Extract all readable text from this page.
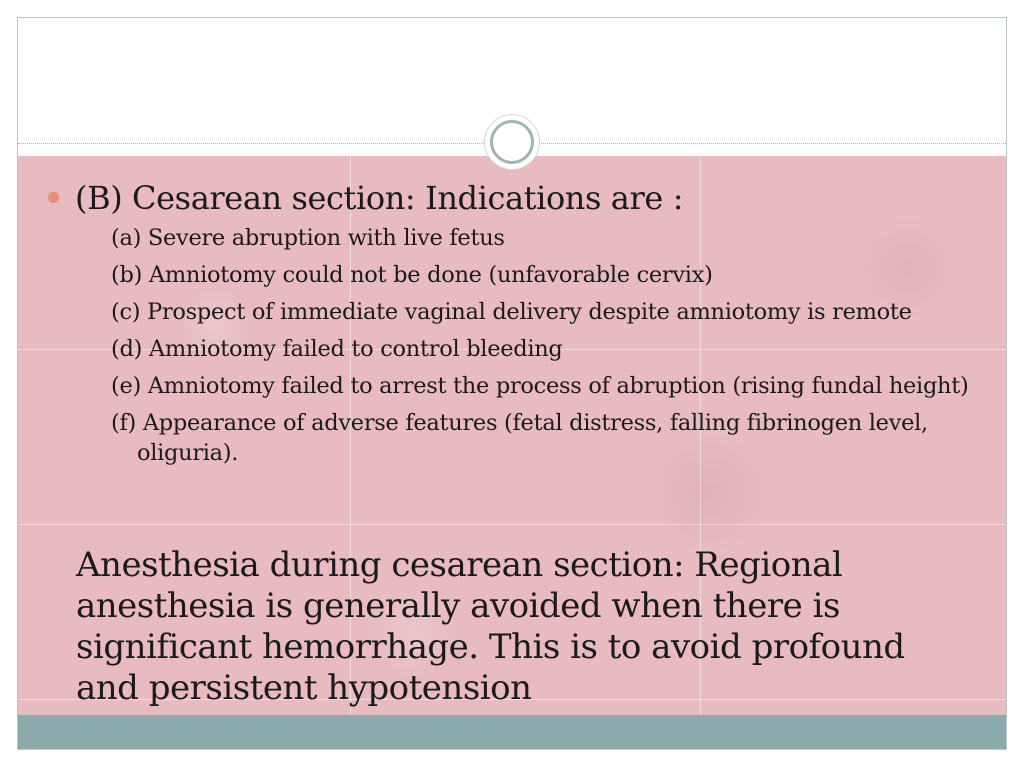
(B) Cesarean section: Indications are :
(a) Severe abruption with live fetus
(b) Amniotomy could not be done (unfavorable cervix)
(c) Prospect of immediate vaginal delivery despite amniotomy is remote
(d) Amniotomy failed to control bleeding
(e) Amniotomy failed to arrest the process of abruption (rising fundal height)
(f) Appearance of adverse features (fetal distress, falling fibrinogen level, oliguria).

Anesthesia during cesarean section: Regional anesthesia is generally avoided when there is significant hemorrhage. This is to avoid profound and persistent hypotension
